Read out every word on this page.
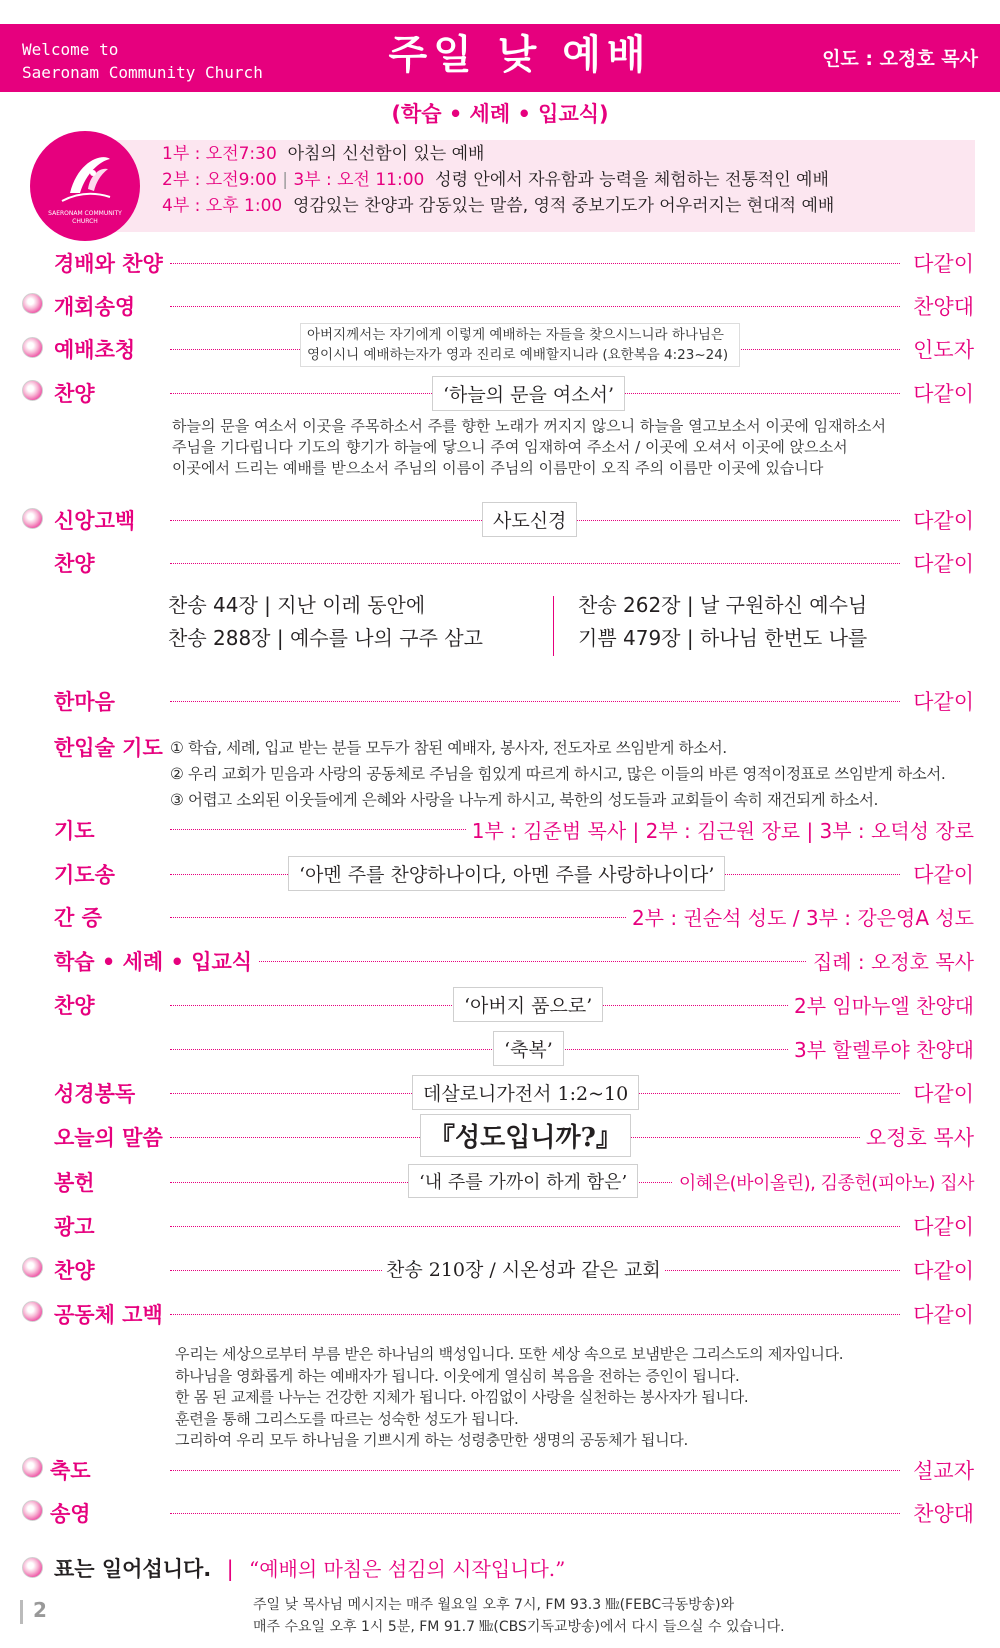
Welcome to
Saeronam Community Church	주일 낮 예배	인도 : 오정호 목사
(학습 • 세례 • 입교식)
SAERONAM COMMUNITY CHURCH
1부 : 오전7:30 아침의 신선함이 있는 예배
2부 : 오전9:00 | 3부 : 오전 11:00 성령 안에서 자유함과 능력을 체험하는 전통적인 예배
4부 : 오후 1:00 영감있는 찬양과 감동있는 말씀, 영적 중보기도가 어우러지는 현대적 예배
경배와 찬양	다같이
개회송영	찬양대
예배초청	인도자
아버지께서는 자기에게 이렇게 예배하는 자들을 찾으시느니라 하나님은 영이시니 예배하는자가 영과 진리로 예배할지니라 (요한복음 4:23~24)
찬양	다같이
‘하늘의 문을 여소서’
하늘의 문을 여소서 이곳을 주목하소서 주를 향한 노래가 꺼지지 않으니 하늘을 열고보소서 이곳에 임재하소서
주님을 기다립니다 기도의 향기가 하늘에 닿으니 주여 임재하여 주소서 / 이곳에 오셔서 이곳에 앉으소서
이곳에서 드리는 예배를 받으소서 주님의 이름이 주님의 이름만이 오직 주의 이름만 이곳에 있습니다
신앙고백	다같이
사도신경
찬양	다같이
찬송 44장 | 지난 이레 동안에
찬송 288장 | 예수를 나의 구주 삼고
찬송 262장 | 날 구원하신 예수님
기쁨 479장 | 하나님 한번도 나를
한마음	다같이
한입술 기도 ① 학습, 세례, 입교 받는 분들 모두가 참된 예배자, 봉사자, 전도자로 쓰임받게 하소서.
② 우리 교회가 믿음과 사랑의 공동체로 주님을 힘있게 따르게 하시고, 많은 이들의 바른 영적이정표로 쓰임받게 하소서.
③ 어렵고 소외된 이웃들에게 은혜와 사랑을 나누게 하시고, 북한의 성도들과 교회들이 속히 재건되게 하소서.
기도	1부 : 김준범 목사 | 2부 : 김근원 장로 | 3부 : 오덕성 장로
기도송	다같이
‘아멘 주를 찬양하나이다, 아멘 주를 사랑하나이다’
간 증	2부 : 권순석 성도 / 3부 : 강은영A 성도
학습 • 세례 • 입교식	집례 : 오정호 목사
찬양	2부 임마누엘 찬양대
‘아버지 품으로’
3부 할렐루야 찬양대
‘축복’
성경봉독	다같이
데살로니가전서 1:2~10
오늘의 말씀	오정호 목사
『성도입니까?』
봉헌	이혜은(바이올린), 김종헌(피아노) 집사
‘내 주를 가까이 하게 함은’
광고	다같이
찬양	다같이
찬송 210장 / 시온성과 같은 교회
공동체 고백	다같이
우리는 세상으로부터 부름 받은 하나님의 백성입니다. 또한 세상 속으로 보냄받은 그리스도의 제자입니다.
하나님을 영화롭게 하는 예배자가 됩니다. 이웃에게 열심히 복음을 전하는 증인이 됩니다.
한 몸 된 교제를 나누는 건강한 지체가 됩니다. 아낌없이 사랑을 실천하는 봉사자가 됩니다.
훈련을 통해 그리스도를 따르는 성숙한 성도가 됩니다.
그리하여 우리 모두 하나님을 기쁘시게 하는 성령충만한 생명의 공동체가 됩니다.
축도	설교자
송영	찬양대
표는 일어섭니다. | “예배의 마침은 섬김의 시작입니다.”
2	주일 낮 목사님 메시지는 매주 월요일 오후 7시, FM 93.3 ㎒(FEBC극동방송)와
매주 수요일 오후 1시 5분, FM 91.7 ㎒(CBS기독교방송)에서 다시 들으실 수 있습니다.
